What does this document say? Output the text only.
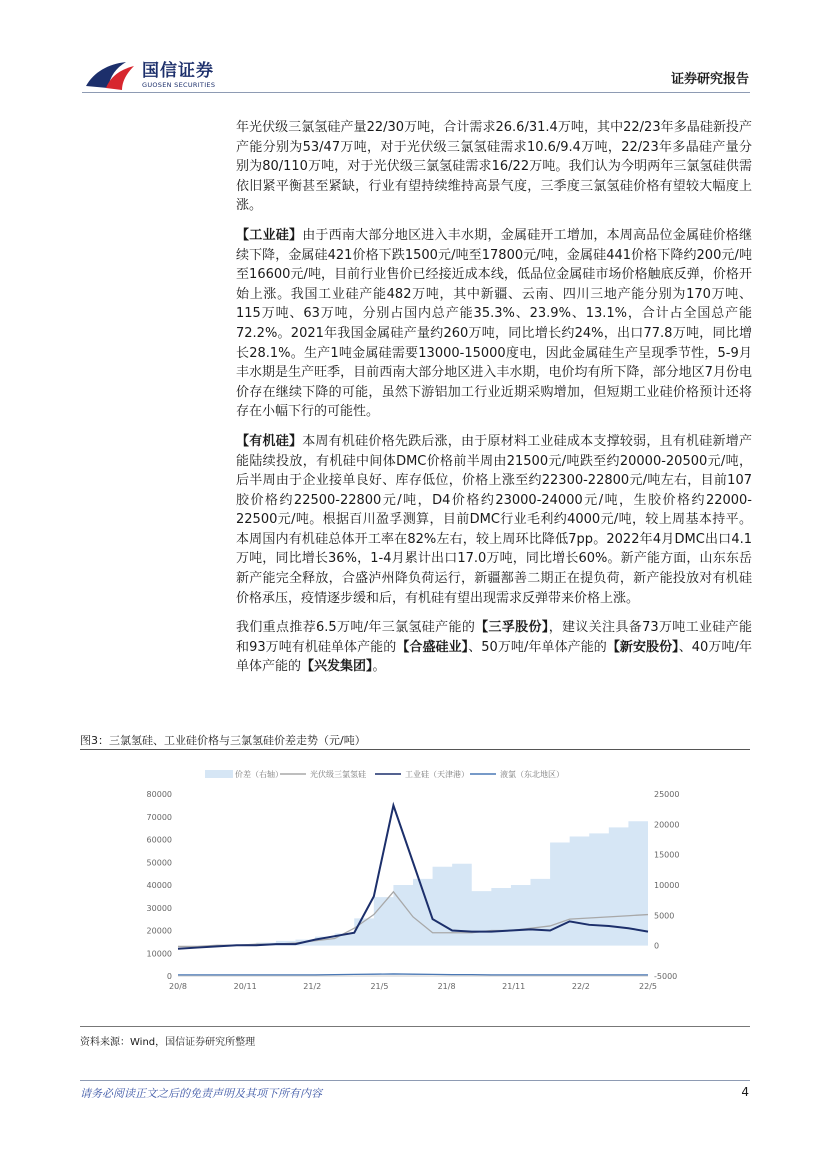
国信证券
GUOSEN SECURITIES	证券研究报告

年光伏级三氯氢硅产量22/30万吨，合计需求26.6/31.4万吨，其中22/23年多晶硅新投产产能分别为53/47万吨，对于光伏级三氯氢硅需求10.6/9.4万吨，22/23年多晶硅产量分别为80/110万吨，对于光伏级三氯氢硅需求16/22万吨。我们认为今明两年三氯氢硅供需依旧紧平衡甚至紧缺，行业有望持续维持高景气度，三季度三氯氢硅价格有望较大幅度上涨。

【工业硅】由于西南大部分地区进入丰水期，金属硅开工增加，本周高品位金属硅价格继续下降，金属硅421价格下跌1500元/吨至17800元/吨，金属硅441价格下降约200元/吨至16600元/吨，目前行业售价已经接近成本线，低品位金属硅市场价格触底反弹，价格开始上涨。我国工业硅产能482万吨，其中新疆、云南、四川三地产能分别为170万吨、115万吨、63万吨，分别占国内总产能35.3%、23.9%、13.1%，合计占全国总产能72.2%。2021年我国金属硅产量约260万吨，同比增长约24%，出口77.8万吨，同比增长28.1%。生产1吨金属硅需要13000-15000度电，因此金属硅生产呈现季节性，5-9月丰水期是生产旺季，目前西南大部分地区进入丰水期，电价均有所下降，部分地区7月份电价存在继续下降的可能，虽然下游铝加工行业近期采购增加，但短期工业硅价格预计还将存在小幅下行的可能性。

【有机硅】本周有机硅价格先跌后涨，由于原材料工业硅成本支撑较弱，且有机硅新增产能陆续投放，有机硅中间体DMC价格前半周由21500元/吨跌至约20000-20500元/吨，后半周由于企业接单良好、库存低位，价格上涨至约22300-22800元/吨左右，目前107胶价格约22500-22800元/吨，D4价格约23000-24000元/吨，生胶价格约22000-22500元/吨。根据百川盈孚测算，目前DMC行业毛利约4000元/吨，较上周基本持平。本周国内有机硅总体开工率在82%左右，较上周环比降低7pp。2022年4月DMC出口4.1万吨，同比增长36%，1-4月累计出口17.0万吨，同比增长60%。新产能方面，山东东岳新产能完全释放，合盛泸州降负荷运行，新疆鄯善二期正在提负荷，新产能投放对有机硅价格承压，疫情逐步缓和后，有机硅有望出现需求反弹带来价格上涨。

我们重点推荐6.5万吨/年三氯氢硅产能的【三孚股份】，建议关注具备73万吨工业硅产能和93万吨有机硅单体产能的【合盛硅业】、50万吨/年单体产能的【新安股份】、40万吨/年单体产能的【兴发集团】。

图3：三氯氢硅、工业硅价格与三氯氢硅价差走势（元/吨）
价差（右轴）	光伏级三氯氢硅	工业硅（天津港）	液氯（东北地区）
0
10000
20000
30000
40000
50000
60000
70000
80000
-5000
0
5000
10000
15000
20000
25000
20/8	20/11	21/2	21/5	21/8	21/11	22/2	22/5
资料来源：Wind，国信证券研究所整理
请务必阅读正文之后的免责声明及其项下所有内容	4
